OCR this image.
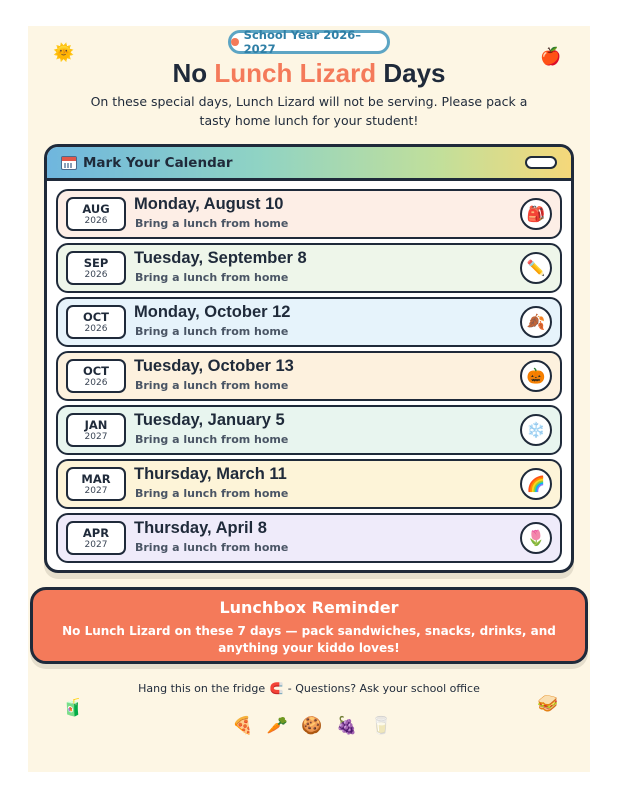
🌞	🍎
🧃	🥪
School Year 2026–2027
No Lunch Lizard Days

On these special days, Lunch Lizard will not be serving. Please pack a tasty home lunch for your student!

Mark Your Calendar
AUG
2026
Monday, August 10
Bring a lunch from home
🎒
SEP
2026
Tuesday, September 8
Bring a lunch from home
✏️
OCT
2026
Monday, October 12
Bring a lunch from home
🍂
OCT
2026
Tuesday, October 13
Bring a lunch from home
🎃
JAN
2027
Tuesday, January 5
Bring a lunch from home
❄️
MAR
2027
Thursday, March 11
Bring a lunch from home
🌈
APR
2027
Thursday, April 8
Bring a lunch from home
🌷
Lunchbox Reminder
No Lunch Lizard on these 7 days — pack sandwiches, snacks, drinks, and anything your kiddo loves!
Hang this on the fridge 🧲 - Questions? Ask your school office
🍕 🥕 🍪 🍇 🥛
